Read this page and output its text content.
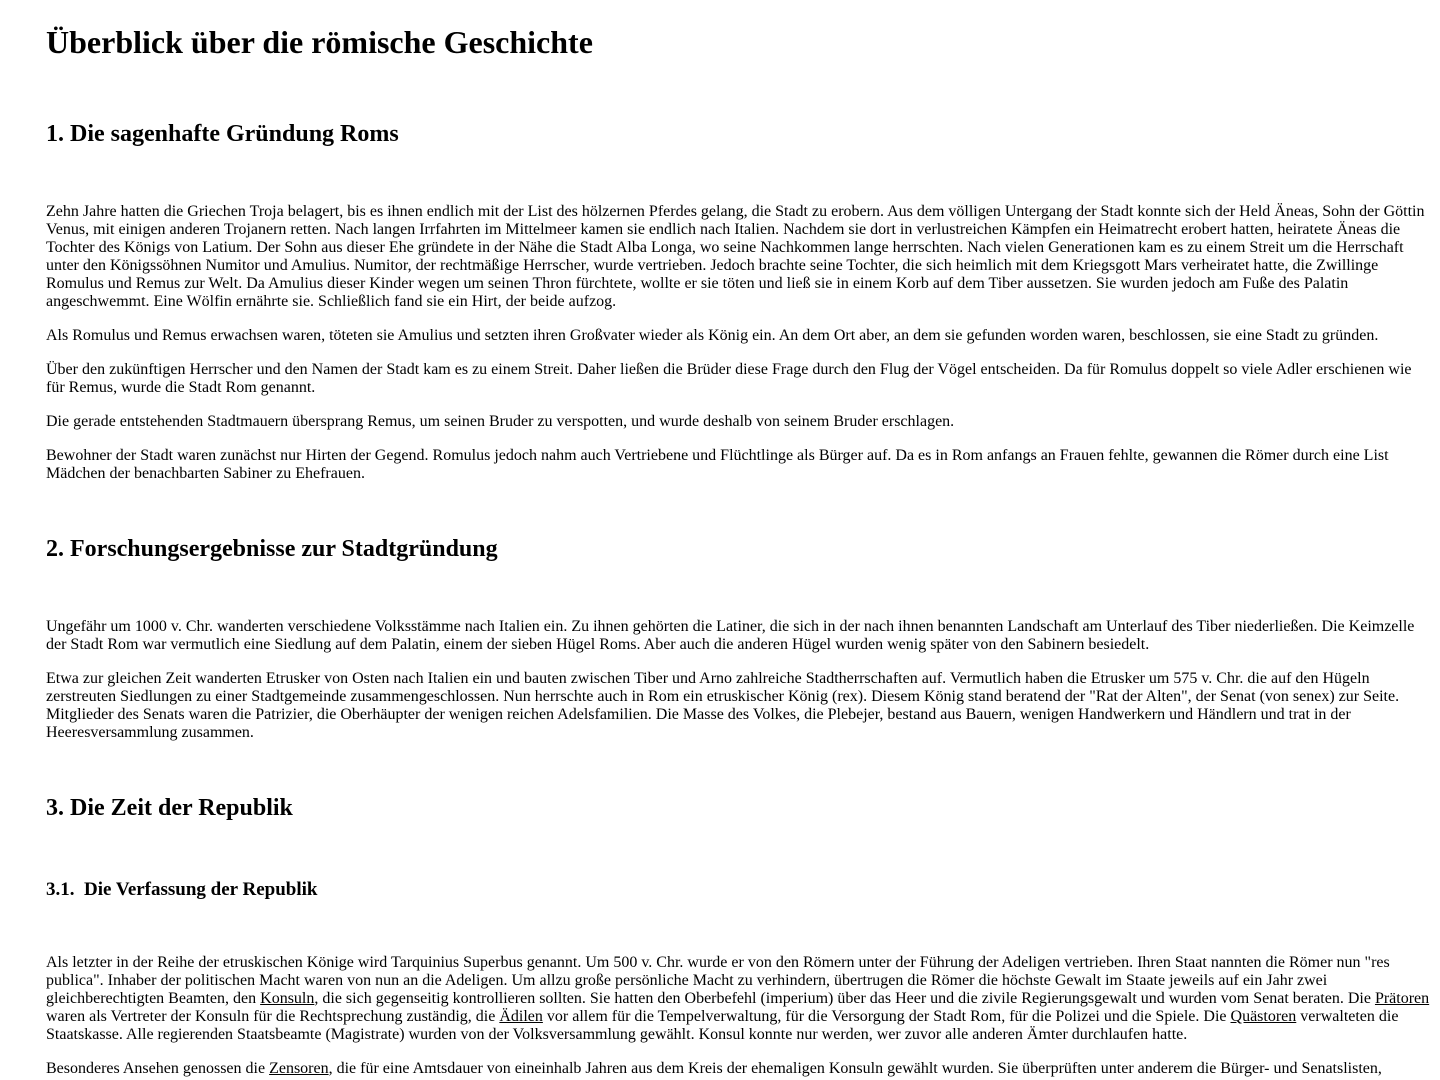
Überblick über die römische Geschichte
1. Die sagenhafte Gründung Roms

Zehn Jahre hatten die Griechen Troja belagert, bis es ihnen endlich mit der List des hölzernen Pferdes gelang, die Stadt zu erobern. Aus dem völligen Untergang der Stadt konnte sich der Held Äneas, Sohn der Göttin Venus, mit einigen anderen Trojanern retten. Nach langen Irrfahrten im Mittelmeer kamen sie endlich nach Italien. Nachdem sie dort in verlustreichen Kämpfen ein Heimatrecht erobert hatten, heiratete Äneas die Tochter des Königs von Latium. Der Sohn aus dieser Ehe gründete in der Nähe die Stadt Alba Longa, wo seine Nachkommen lange herrschten. Nach vielen Generationen kam es zu einem Streit um die Herrschaft unter den Königssöhnen Numitor und Amulius. Numitor, der rechtmäßige Herrscher, wurde vertrieben. Jedoch brachte seine Tochter, die sich heimlich mit dem Kriegsgott Mars verheiratet hatte, die Zwillinge Romulus und Remus zur Welt. Da Amulius dieser Kinder wegen um seinen Thron fürchtete, wollte er sie töten und ließ sie in einem Korb auf dem Tiber aussetzen. Sie wurden jedoch am Fuße des Palatin angeschwemmt. Eine Wölfin ernährte sie. Schließlich fand sie ein Hirt, der beide aufzog.

Als Romulus und Remus erwachsen waren, töteten sie Amulius und setzten ihren Großvater wieder als König ein. An dem Ort aber, an dem sie gefunden worden waren, beschlossen, sie eine Stadt zu gründen.

Über den zukünftigen Herrscher und den Namen der Stadt kam es zu einem Streit. Daher ließen die Brüder diese Frage durch den Flug der Vögel entscheiden. Da für Romulus doppelt so viele Adler erschienen wie für Remus, wurde die Stadt Rom genannt.

Die gerade entstehenden Stadtmauern übersprang Remus, um seinen Bruder zu verspotten, und wurde deshalb von seinem Bruder erschlagen.

Bewohner der Stadt waren zunächst nur Hirten der Gegend. Romulus jedoch nahm auch Vertriebene und Flüchtlinge als Bürger auf. Da es in Rom anfangs an Frauen fehlte, gewannen die Römer durch eine List Mädchen der benachbarten Sabiner zu Ehefrauen.

2. Forschungsergebnisse zur Stadtgründung

Ungefähr um 1000 v. Chr. wanderten verschiedene Volksstämme nach Italien ein. Zu ihnen gehörten die Latiner, die sich in der nach ihnen benannten Landschaft am Unterlauf des Tiber niederließen. Die Keimzelle der Stadt Rom war vermutlich eine Siedlung auf dem Palatin, einem der sieben Hügel Roms. Aber auch die anderen Hügel wurden wenig später von den Sabinern besiedelt.

Etwa zur gleichen Zeit wanderten Etrusker von Osten nach Italien ein und bauten zwischen Tiber und Arno zahlreiche Stadtherrschaften auf. Vermutlich haben die Etrusker um 575 v. Chr. die auf den Hügeln zerstreuten Siedlungen zu einer Stadtgemeinde zusammengeschlossen. Nun herrschte auch in Rom ein etruskischer König (rex). Diesem König stand beratend der "Rat der Alten", der Senat (von senex) zur Seite. Mitglieder des Senats waren die Patrizier, die Oberhäupter der wenigen reichen Adelsfamilien. Die Masse des Volkes, die Plebejer, bestand aus Bauern, wenigen Handwerkern und Händlern und trat in der Heeresversammlung zusammen.

3. Die Zeit der Republik
3.1.  Die Verfassung der Republik

Als letzter in der Reihe der etruskischen Könige wird Tarquinius Superbus genannt. Um 500 v. Chr. wurde er von den Römern unter der Führung der Adeligen vertrieben. Ihren Staat nannten die Römer nun "res publica". Inhaber der politischen Macht waren von nun an die Adeligen. Um allzu große persönliche Macht zu verhindern, übertrugen die Römer die höchste Gewalt im Staate jeweils auf ein Jahr zwei gleichberechtigten Beamten, den Konsuln, die sich gegenseitig kontrollieren sollten. Sie hatten den Oberbefehl (imperium) über das Heer und die zivile Regierungsgewalt und wurden vom Senat beraten. Die Prätoren waren als Vertreter der Konsuln für die Rechtsprechung zuständig, die Ädilen vor allem für die Tempelverwaltung, für die Versorgung der Stadt Rom, für die Polizei und die Spiele. Die Quästoren verwalteten die Staatskasse. Alle regierenden Staatsbeamte (Magistrate) wurden von der Volksversammlung gewählt. Konsul konnte nur werden, wer zuvor alle anderen Ämter durchlaufen hatte.

Besonderes Ansehen genossen die Zensoren, die für eine Amtsdauer von eineinhalb Jahren aus dem Kreis der ehemaligen Konsuln gewählt wurden. Sie überprüften unter anderem die Bürger- und Senatslisten,
